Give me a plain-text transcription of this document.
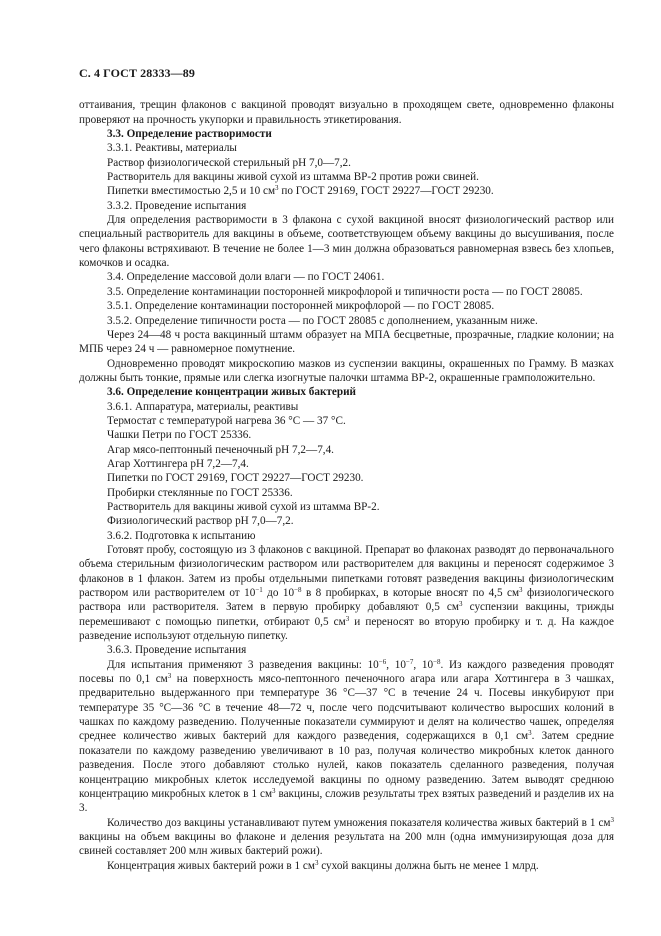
С. 4 ГОСТ 28333—89

оттаивания, трещин флаконов с вакциной проводят визуально в проходящем свете, одновременно флаконы проверяют на прочность укупорки и правильность этикетирования.

3.3. Определение растворимости

3.3.1. Реактивы, материалы

Раствор физиологической стерильный pH 7,0—7,2.

Растворитель для вакцины живой сухой из штамма ВР-2 против рожи свиней.

Пипетки вместимостью 2,5 и 10 $см^3$ по ГОСТ 29169, ГОСТ 29227—ГОСТ 29230.

3.3.2. Проведение испытания

Для определения растворимости в 3 флакона с сухой вакциной вносят физиологический раствор или специальный растворитель для вакцины в объеме, соответствующем объему вакцины до высушивания, после чего флаконы встряхивают. В течение не более 1—3 мин должна образоваться равномерная взвесь без хлопьев, комочков и осадка.

3.4. Определение массовой доли влаги — по ГОСТ 24061.

3.5. Определение контаминации посторонней микрофлорой и типичности роста — по ГОСТ 28085.

3.5.1. Определение контаминации посторонней микрофлорой — по ГОСТ 28085.

3.5.2. Определение типичности роста — по ГОСТ 28085 с дополнением, указанным ниже.

Через 24—48 ч роста вакцинный штамм образует на МПА бесцветные, прозрачные, гладкие колонии; на МПБ через 24 ч — равномерное помутнение.

Одновременно проводят микроскопию мазков из суспензии вакцины, окрашенных по Грамму. В мазках должны быть тонкие, прямые или слегка изогнутые палочки штамма ВР-2, окрашенные грамположительно.

3.6. Определение концентрации живых бактерий

3.6.1. Аппаратура, материалы, реактивы

Термостат с температурой нагрева 36 °С — 37 °С.

Чашки Петри по ГОСТ 25336.

Агар мясо-пептонный печеночный pH 7,2—7,4.

Агар Хоттингера pH 7,2—7,4.

Пипетки по ГОСТ 29169, ГОСТ 29227—ГОСТ 29230.

Пробирки стеклянные по ГОСТ 25336.

Растворитель для вакцины живой сухой из штамма ВР-2.

Физиологический раствор pH 7,0—7,2.

3.6.2. Подготовка к испытанию

Готовят пробу, состоящую из 3 флаконов с вакциной. Препарат во флаконах разводят до первоначального объема стерильным физиологическим раствором или растворителем для вакцины и переносят содержимое 3 флаконов в 1 флакон. Затем из пробы отдельными пипетками готовят разведения вакцины физиологическим раствором или растворителем от $10^{-1}$ до $10^{-8}$ в 8 пробирках, в которые вносят по 4,5 $см^3$ физиологического раствора или растворителя. Затем в первую пробирку добавляют 0,5 $см^3$ суспензии вакцины, трижды перемешивают с помощью пипетки, отбирают 0,5 $см^3$ и переносят во вторую пробирку и т. д. На каждое разведение используют отдельную пипетку.

3.6.3. Проведение испытания

Для испытания применяют 3 разведения вакцины: $10^{-6}$, $10^{-7}$, $10^{-8}$. Из каждого разведения проводят посевы по 0,1 $см^3$ на поверхность мясо-пептонного печеночного агара или агара Хоттингера в 3 чашках, предварительно выдержанного при температуре 36 °С—37 °С в течение 24 ч. Посевы инкубируют при температуре 35 °С—36 °С в течение 48—72 ч, после чего подсчитывают количество выросших колоний в чашках по каждому разведению. Полученные показатели суммируют и делят на количество чашек, определяя среднее количество живых бактерий для каждого разведения, содержащихся в 0,1 $см^3$. Затем средние показатели по каждому разведению увеличивают в 10 раз, получая количество микробных клеток данного разведения. После этого добавляют столько нулей, каков показатель сделанного разведения, получая концентрацию микробных клеток исследуемой вакцины по одному разведению. Затем выводят среднюю концентрацию микробных клеток в 1 $см^3$ вакцины, сложив результаты трех взятых разведений и разделив их на 3.

Количество доз вакцины устанавливают путем умножения показателя количества живых бактерий в 1 $см^3$ вакцины на объем вакцины во флаконе и деления результата на 200 млн (одна иммунизирующая доза для свиней составляет 200 млн живых бактерий рожи).

Концентрация живых бактерий рожи в 1 $см^3$ сухой вакцины должна быть не менее 1 млрд.
